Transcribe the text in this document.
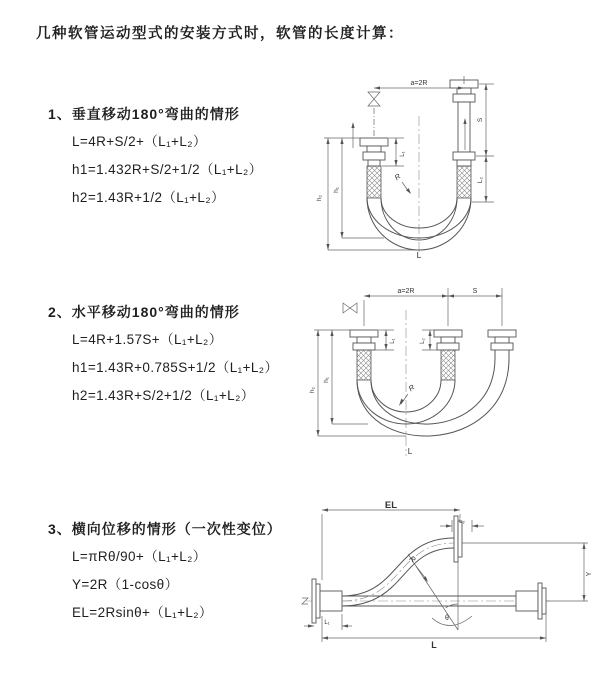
几种软管运动型式的安装方式时，软管的长度计算：
1、垂直移动180°弯曲的情形
L=4R+S/2+（L₁+L₂）
h1=1.432R+S/2+1/2（L₁+L₂）
h2=1.43R+1/2（L₁+L₂）
2、水平移动180°弯曲的情形
L=4R+1.57S+（L₁+L₂）
h1=1.43R+0.785S+1/2（L₁+L₂）
h2=1.43R+S/2+1/2（L₁+L₂）
3、横向位移的情形（一次性变位）
L=πRθ/90+（L₁+L₂）
Y=2R（1-cosθ）
EL=2Rsinθ+（L₁+L₂）
a=2R
h₁
h₂
L₁
S
L₂
R
L
a=2R	S
h₁
h₂
L₁	L₂
R
L
θ
R
EL
L₂
Y
L₁
L
